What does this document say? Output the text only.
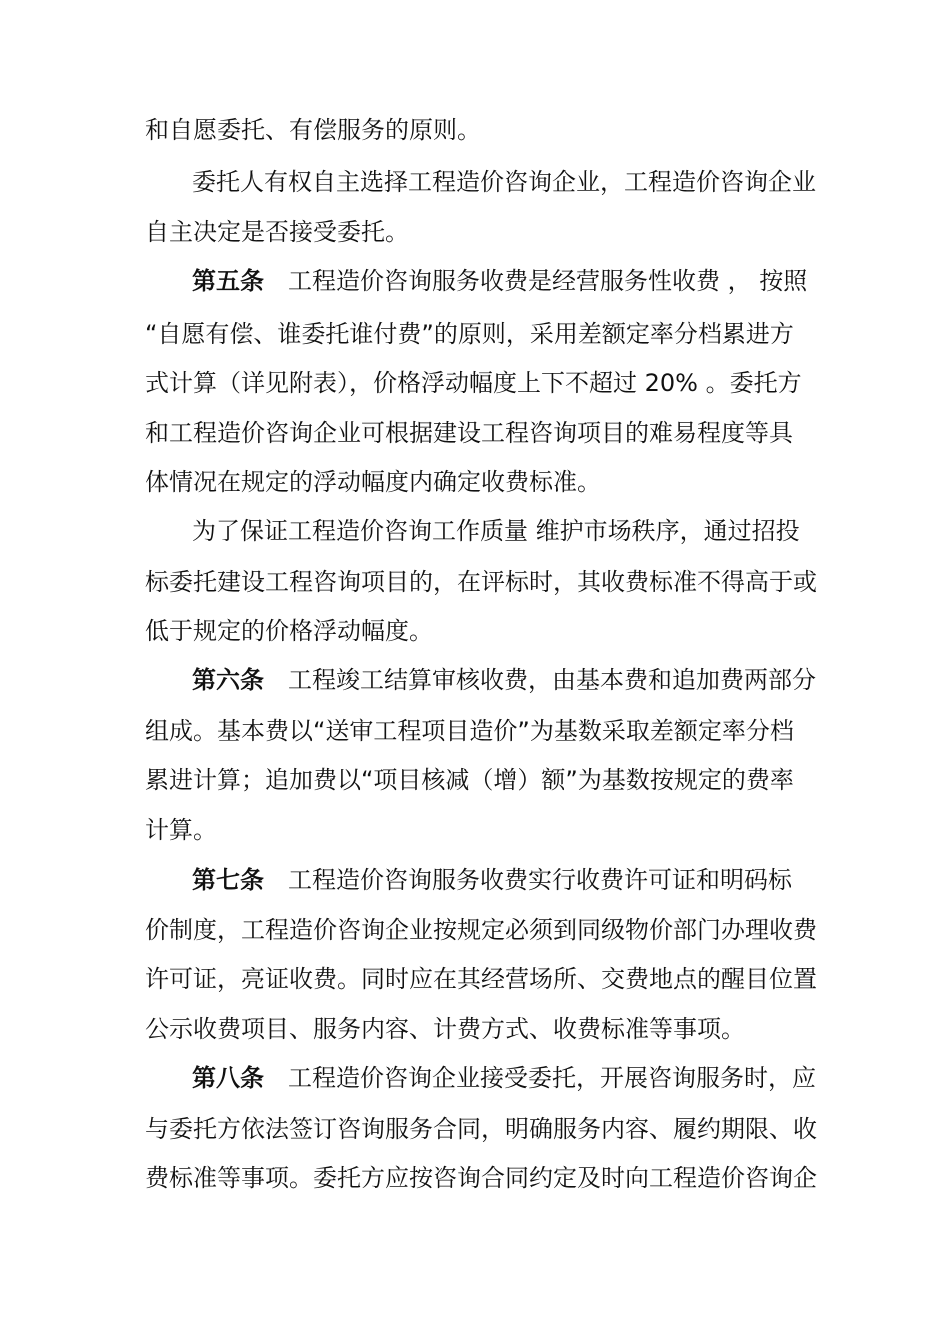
和自愿委托、有偿服务的原则。
委托人有权自主选择工程造价咨询企业，工程造价咨询企业
自主决定是否接受委托。
第五条 工程造价咨询服务收费是经营服务性收费 ， 按照
“自愿有偿、谁委托谁付费”的原则，采用差额定率分档累进方
式计算（详见附表），价格浮动幅度上下不超过 20% 。委托方
和工程造价咨询企业可根据建设工程咨询项目的难易程度等具
体情况在规定的浮动幅度内确定收费标准。
为了保证工程造价咨询工作质量 维护市场秩序，通过招投
标委托建设工程咨询项目的，在评标时，其收费标准不得高于或
低于规定的价格浮动幅度。
第六条 工程竣工结算审核收费，由基本费和追加费两部分
组成。基本费以“送审工程项目造价”为基数采取差额定率分档
累进计算；追加费以“项目核减（增）额”为基数按规定的费率
计算。
第七条 工程造价咨询服务收费实行收费许可证和明码标
价制度，工程造价咨询企业按规定必须到同级物价部门办理收费
许可证，亮证收费。同时应在其经营场所、交费地点的醒目位置
公示收费项目、服务内容、计费方式、收费标准等事项。
第八条 工程造价咨询企业接受委托，开展咨询服务时，应
与委托方依法签订咨询服务合同，明确服务内容、履约期限、收
费标准等事项。委托方应按咨询合同约定及时向工程造价咨询企
